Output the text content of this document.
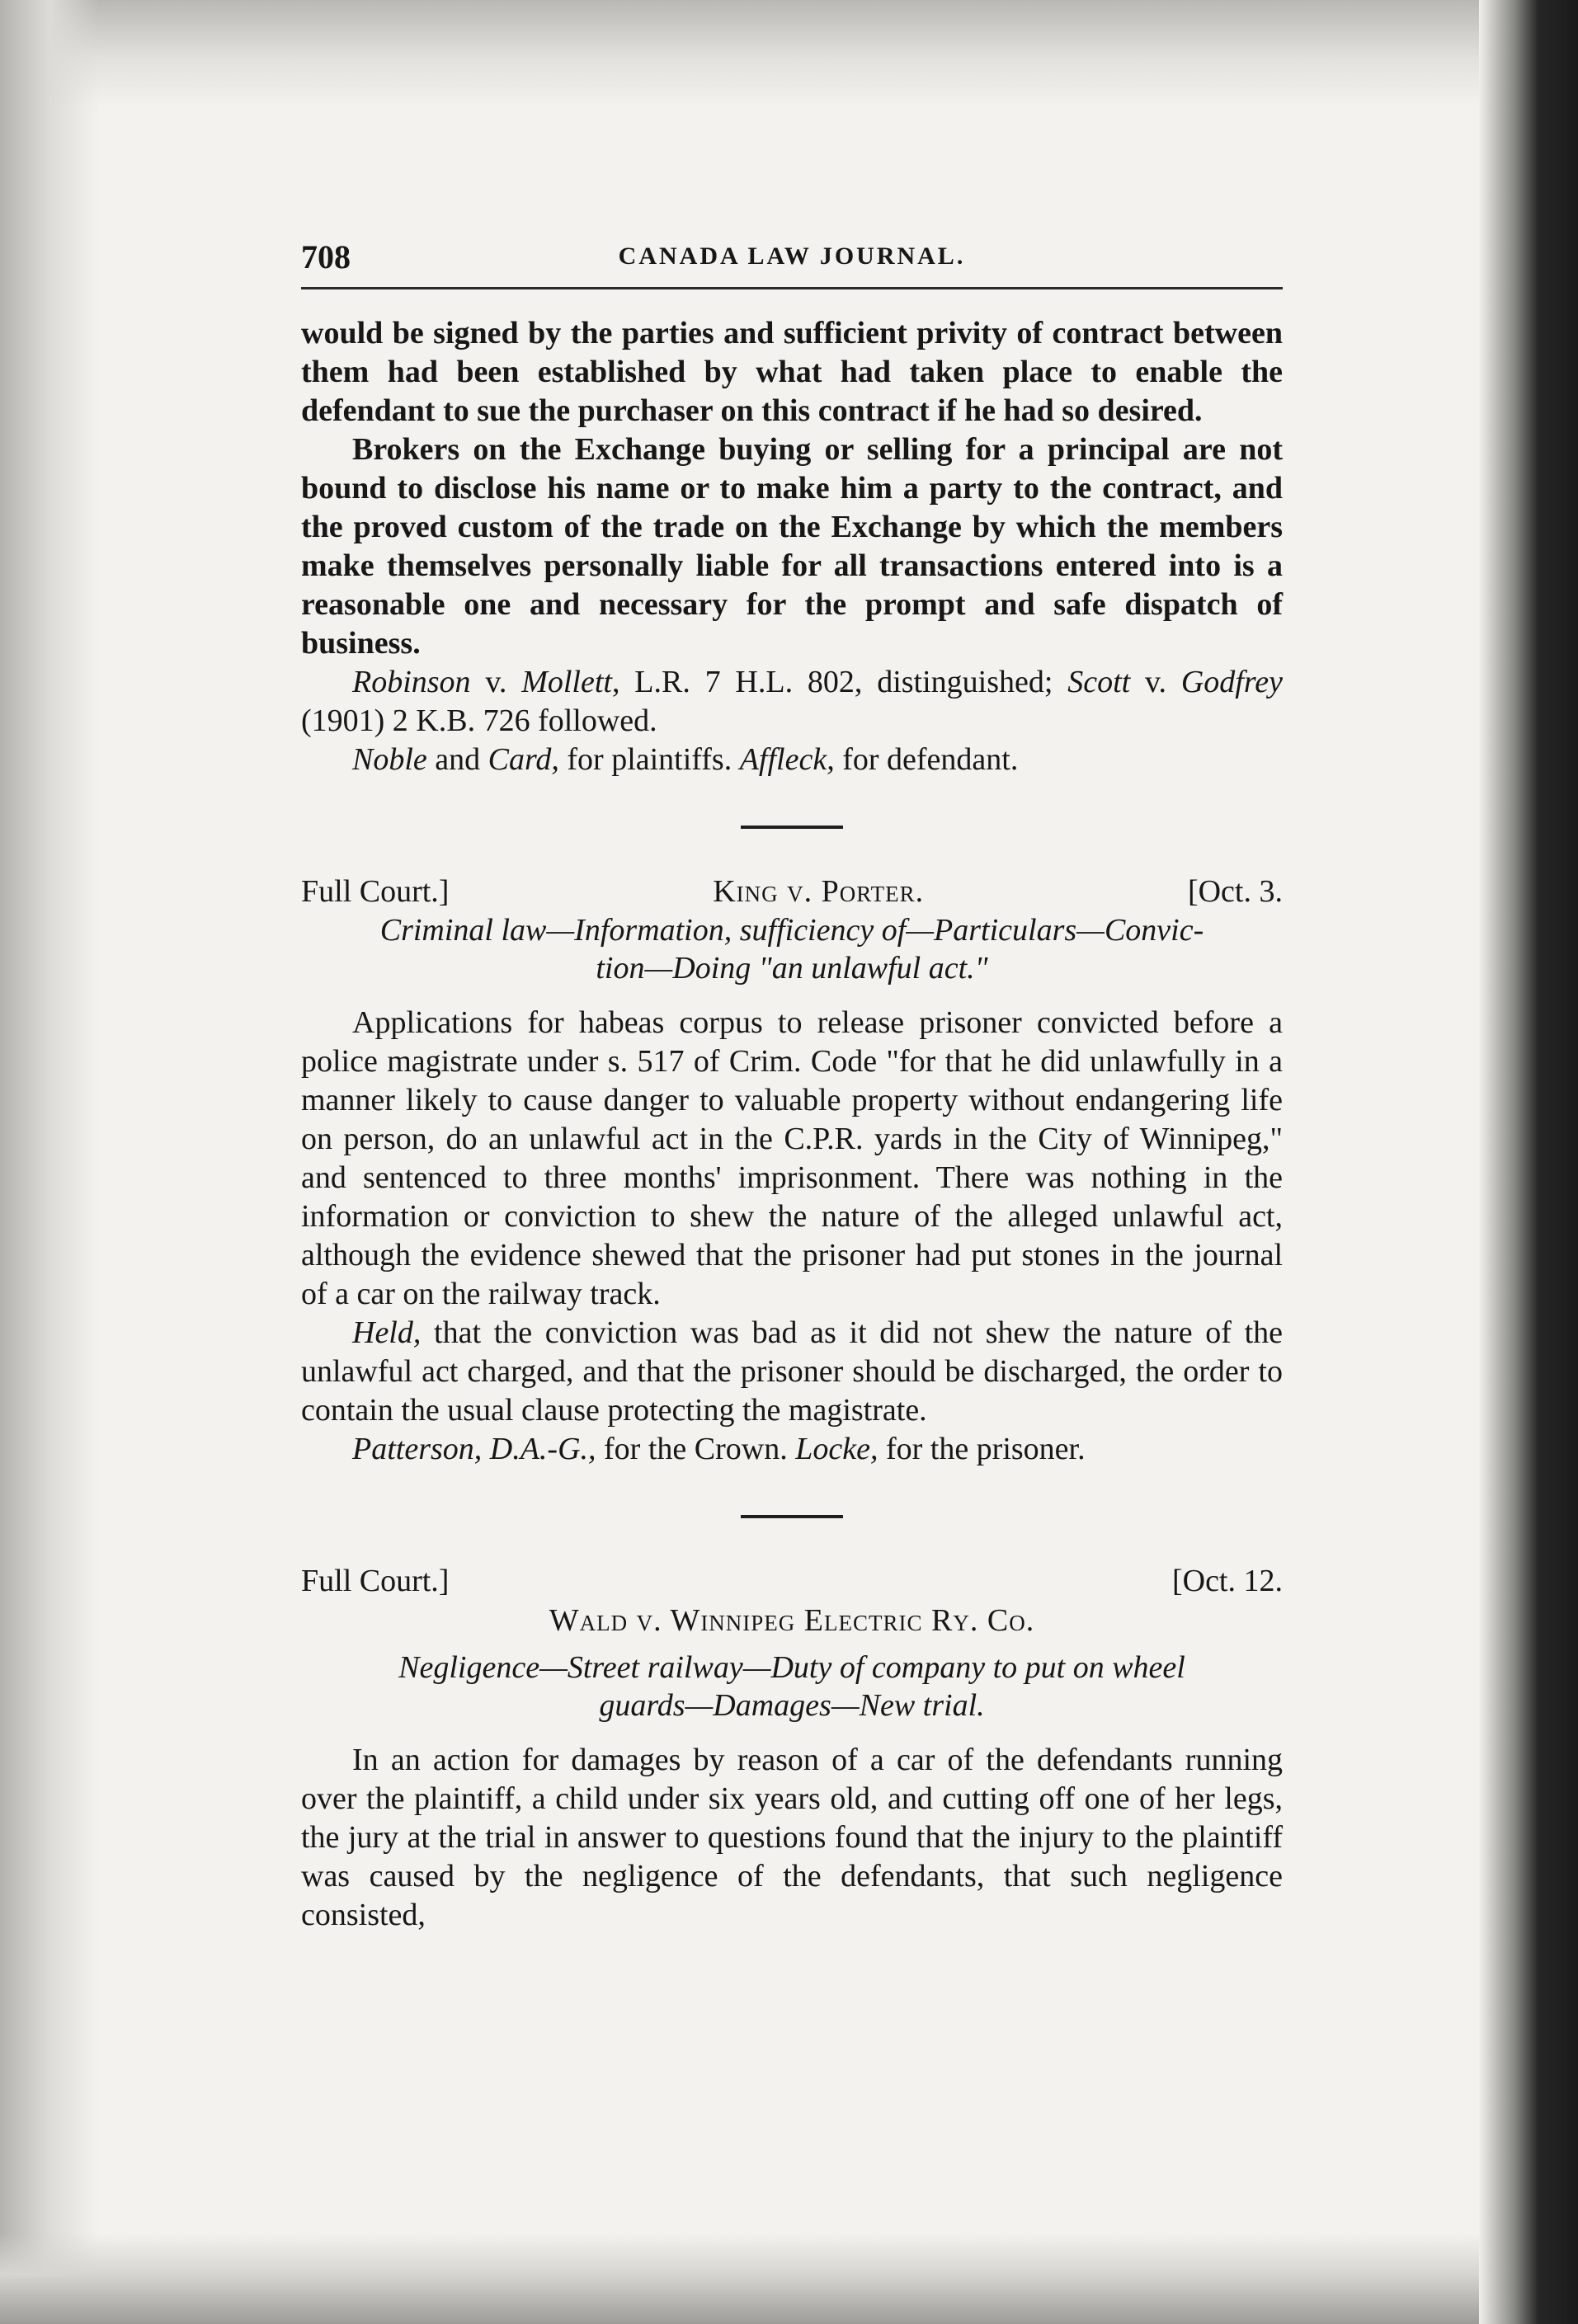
708	CANADA LAW JOURNAL.

would be signed by the parties and sufficient privity of contract between them had been established by what had taken place to enable the defendant to sue the purchaser on this contract if he had so desired.

Brokers on the Exchange buying or selling for a principal are not bound to disclose his name or to make him a party to the contract, and the proved custom of the trade on the Exchange by which the members make themselves personally liable for all transactions entered into is a reasonable one and necessary for the prompt and safe dispatch of business.

Robinson v. Mollett, L.R. 7 H.L. 802, distinguished; Scott v. Godfrey (1901) 2 K.B. 726 followed.

Noble and Card, for plaintiffs. Affleck, for defendant.

Full Court.]	King v. Porter.	[Oct. 3.
Criminal law—Information, sufficiency of—Particulars—Convic-
tion—Doing "an unlawful act."

Applications for habeas corpus to release prisoner convicted before a police magistrate under s. 517 of Crim. Code "for that he did unlawfully in a manner likely to cause danger to valuable property without endangering life on person, do an unlawful act in the C.P.R. yards in the City of Winnipeg," and sentenced to three months' imprisonment. There was nothing in the information or conviction to shew the nature of the alleged unlawful act, although the evidence shewed that the prisoner had put stones in the journal of a car on the railway track.

Held, that the conviction was bad as it did not shew the nature of the unlawful act charged, and that the prisoner should be discharged, the order to contain the usual clause protecting the magistrate.

Patterson, D.A.-G., for the Crown. Locke, for the prisoner.

Full Court.]	[Oct. 12.
Wald v. Winnipeg Electric Ry. Co.
Negligence—Street railway—Duty of company to put on wheel
guards—Damages—New trial.

In an action for damages by reason of a car of the defendants running over the plaintiff, a child under six years old, and cutting off one of her legs, the jury at the trial in answer to questions found that the injury to the plaintiff was caused by the negligence of the defendants, that such negligence consisted,
